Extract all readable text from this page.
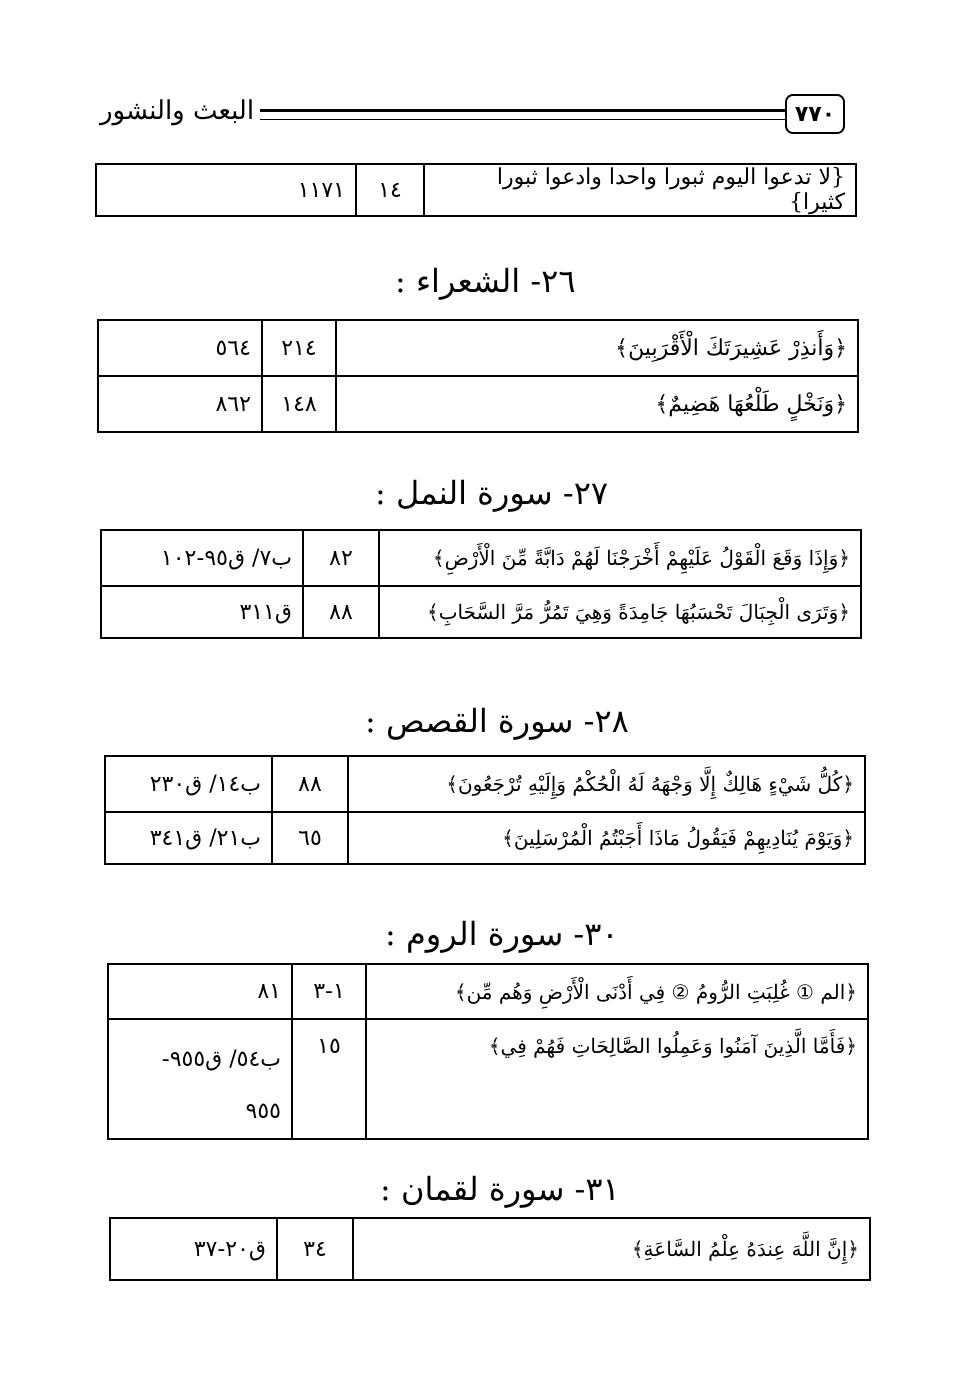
٧٧٠
البعث والنشور
{لا تدعوا اليوم ثبورا واحدا وادعوا ثبورا كثيرا}	١٤	١١٧١
٢٦- الشعراء :
﴿وَأَنذِرْ عَشِيرَتَكَ الْأَقْرَبِينَ﴾	٢١٤	٥٦٤
﴿وَنَخْلٍ طَلْعُهَا هَضِيمٌ﴾	١٤٨	٨٦٢
٢٧- سورة النمل :
﴿وَإِذَا وَقَعَ الْقَوْلُ عَلَيْهِمْ أَخْرَجْنَا لَهُمْ دَابَّةً مِّنَ الْأَرْضِ﴾	٨٢	ب٧/ ق٩٥-١٠٢
﴿وَتَرَى الْجِبَالَ تَحْسَبُهَا جَامِدَةً وَهِيَ تَمُرُّ مَرَّ السَّحَابِ﴾	٨٨	ق٣١١
٢٨- سورة القصص :
﴿كُلُّ شَيْءٍ هَالِكٌ إِلَّا وَجْهَهُ لَهُ الْحُكْمُ وَإِلَيْهِ تُرْجَعُونَ﴾	٨٨	ب١٤/ ق٢٣٠
﴿وَيَوْمَ يُنَادِيهِمْ فَيَقُولُ مَاذَا أَجَبْتُمُ الْمُرْسَلِينَ﴾	٦٥	ب٢١/ ق٣٤١
٣٠- سورة الروم :
﴿الم ① غُلِبَتِ الرُّومُ ② فِي أَدْنَى الْأَرْضِ وَهُم مِّن﴾	١-٣	٨١
﴿فَأَمَّا الَّذِينَ آمَنُوا وَعَمِلُوا الصَّالِحَاتِ فَهُمْ فِي﴾	١٥	ب٥٤/ ق٩٥٥-
٩٥٥
٣١- سورة لقمان :
﴿إِنَّ اللَّهَ عِندَهُ عِلْمُ السَّاعَةِ﴾	٣٤	ق٢٠-٣٧
